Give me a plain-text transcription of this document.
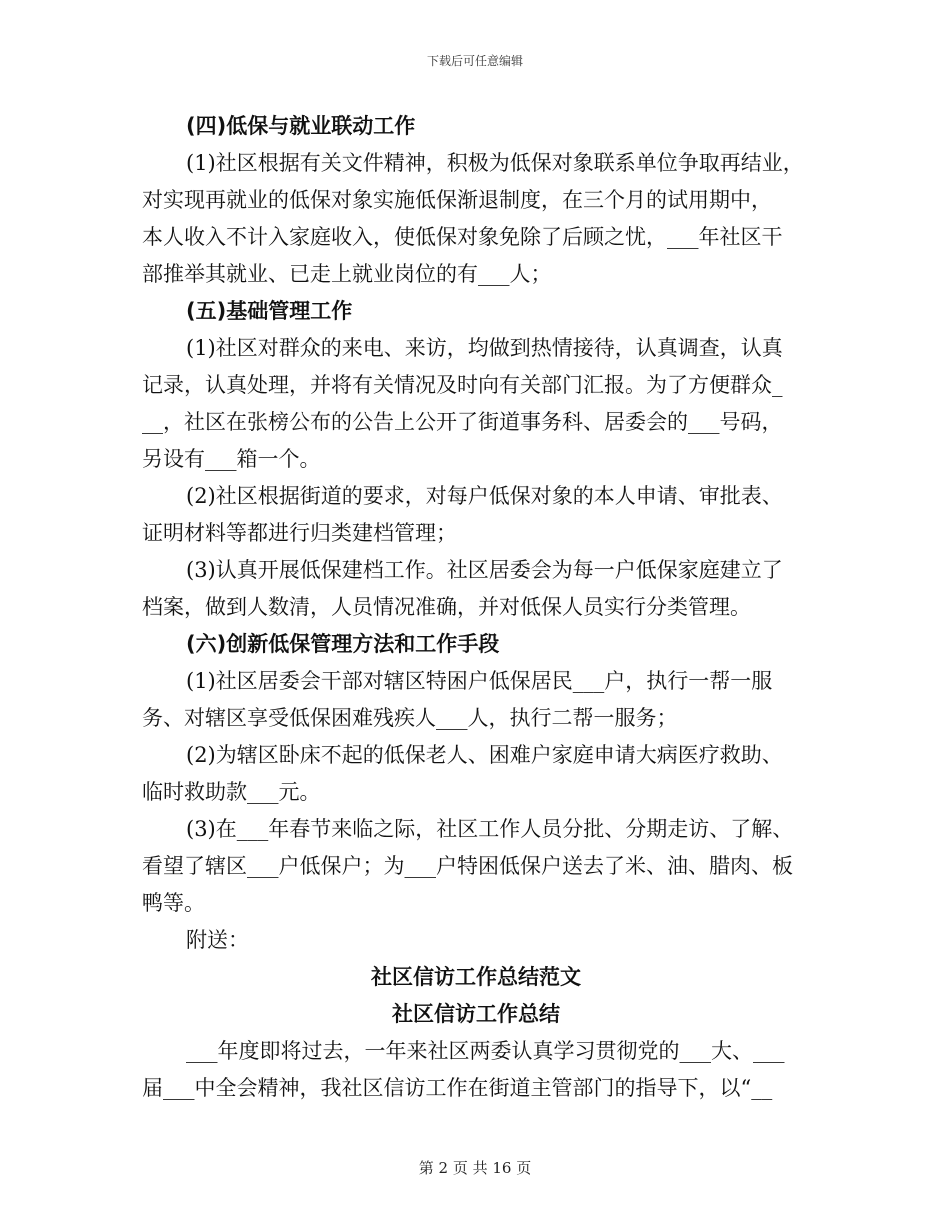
下载后可任意编辑
(四)低保与就业联动工作
(1)社区根据有关文件精神，积极为低保对象联系单位争取再结业，
对实现再就业的低保对象实施低保渐退制度，在三个月的试用期中，
本人收入不计入家庭收入，使低保对象免除了后顾之忧，___年社区干
部推举其就业、已走上就业岗位的有___人；
(五)基础管理工作
(1)社区对群众的来电、来访，均做到热情接待，认真调查，认真
记录，认真处理，并将有关情况及时向有关部门汇报。为了方便群众_
__，社区在张榜公布的公告上公开了街道事务科、居委会的___号码，
另设有___箱一个。
(2)社区根据街道的要求，对每户低保对象的本人申请、审批表、
证明材料等都进行归类建档管理；
(3)认真开展低保建档工作。社区居委会为每一户低保家庭建立了
档案，做到人数清，人员情况准确，并对低保人员实行分类管理。
(六)创新低保管理方法和工作手段
(1)社区居委会干部对辖区特困户低保居民___户，执行一帮一服
务、对辖区享受低保困难残疾人___人，执行二帮一服务；
(2)为辖区卧床不起的低保老人、困难户家庭申请大病医疗救助、
临时救助款___元。
(3)在___年春节来临之际，社区工作人员分批、分期走访、了解、
看望了辖区___户低保户；为___户特困低保户送去了米、油、腊肉、板
鸭等。
附送：
社区信访工作总结范文
社区信访工作总结
___年度即将过去，一年来社区两委认真学习贯彻党的___大、___
届___中全会精神，我社区信访工作在街道主管部门的指导下，以“__
第 2 页 共 16 页
